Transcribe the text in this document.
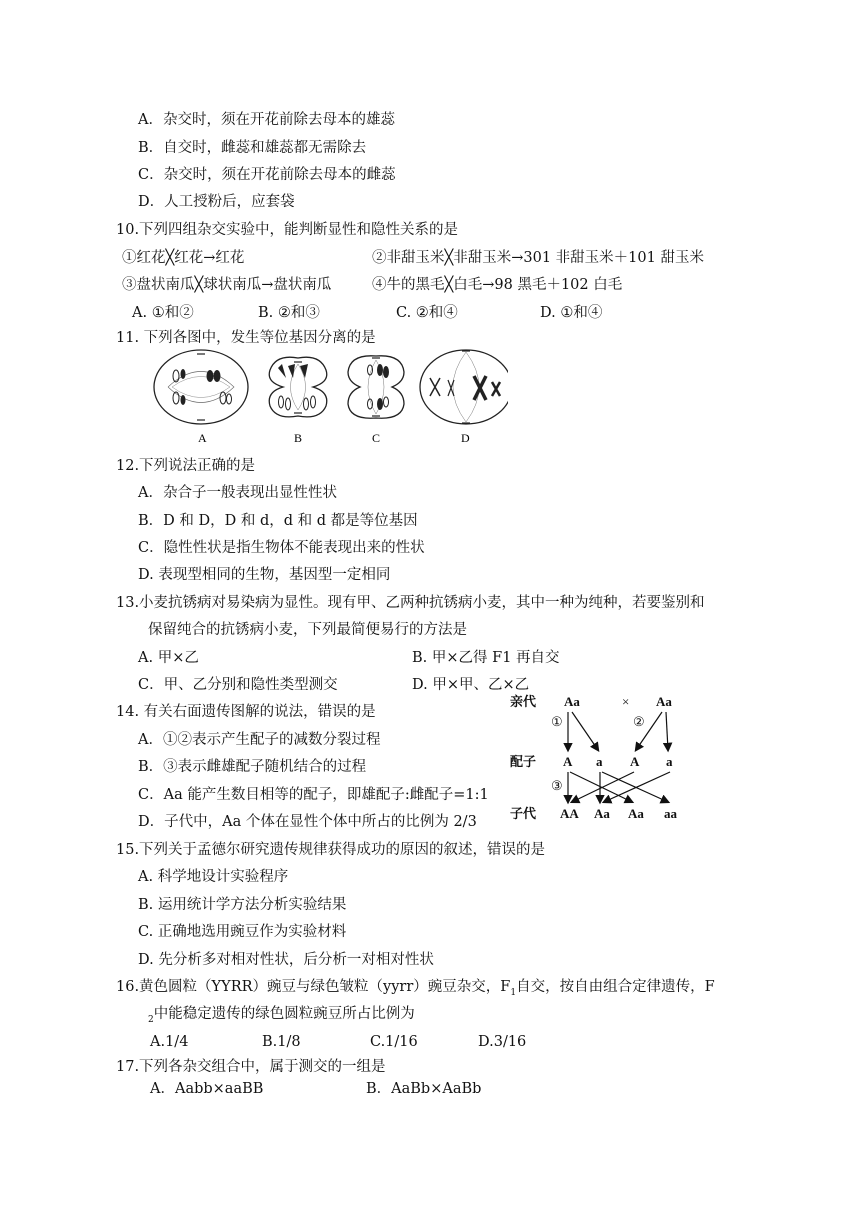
A．杂交时，须在开花前除去母本的雄蕊
B．自交时，雌蕊和雄蕊都无需除去
C．杂交时，须在开花前除去母本的雌蕊
D．人工授粉后，应套袋
10.下列四组杂交实验中，能判断显性和隐性关系的是
①红花╳红花→红花	②非甜玉米╳非甜玉米→301 非甜玉米＋101 甜玉米
③盘状南瓜╳球状南瓜→盘状南瓜	④牛的黑毛╳白毛→98 黑毛＋102 白毛
A. ①和②	B. ②和③	C. ②和④	D. ①和④
11. 下列各图中，发生等位基因分离的是
A	B	C	D
12.下列说法正确的是
A．杂合子一般表现出显性性状
B．D 和 D，D 和 d，d 和 d 都是等位基因
C．隐性性状是指生物体不能表现出来的性状
D. 表现型相同的生物，基因型一定相同
13.小麦抗锈病对易染病为显性。现有甲、乙两种抗锈病小麦，其中一种为纯种，若要鉴别和
保留纯合的抗锈病小麦，下列最简便易行的方法是
A. 甲×乙	B. 甲×乙得 F1 再自交
C．甲、乙分别和隐性类型测交	D. 甲×甲、乙×乙
14. 有关右面遗传图解的说法，错误的是
A．①②表示产生配子的减数分裂过程
B．③表示雌雄配子随机结合的过程
C．Aa 能产生数目相等的配子，即雄配子:雌配子=1:1
D．子代中，Aa 个体在显性个体中所占的比例为 2/3
亲代
配子
子代
Aa	× Aa
①	②
③
A a A a
AA Aa Aa aa
15.下列关于孟德尔研究遗传规律获得成功的原因的叙述，错误的是
A. 科学地设计实验程序
B. 运用统计学方法分析实验结果
C. 正确地选用豌豆作为实验材料
D. 先分析多对相对性状，后分析一对相对性状
16.黄色圆粒（YYRR）豌豆与绿色皱粒（yyrr）豌豆杂交，$F_1$自交，按自由组合定律遗传，F
$_2$中能稳定遗传的绿色圆粒豌豆所占比例为
A.1/4	B.1/8	C.1/16	D.3/16
17.下列各杂交组合中，属于测交的一组是
A．Aabb×aaBB	B．AaBb×AaBb
